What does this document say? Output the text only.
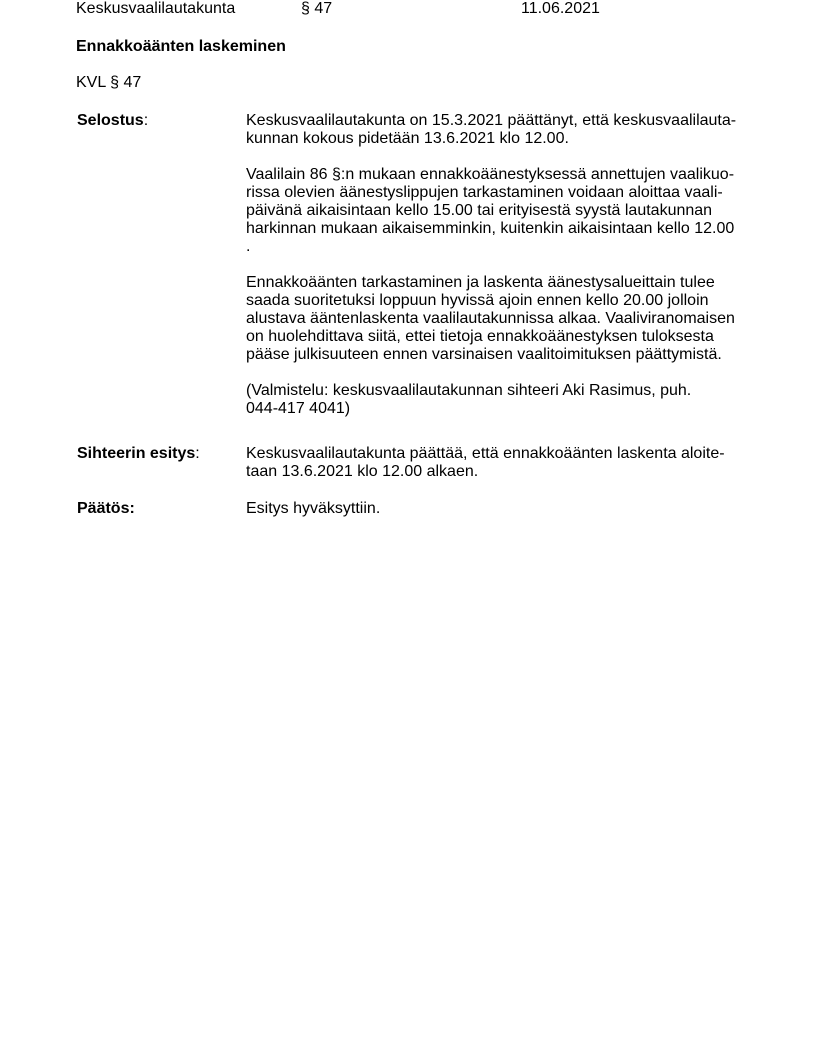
Keskusvaalilautakunta	§ 47	11.06.2021
Ennakkoäänten laskeminen
KVL § 47
Selostus:	Keskusvaalilautakunta on 15.3.2021 päättänyt, että keskusvaalilauta-
kunnan kokous pidetään 13.6.2021 klo 12.00.

Vaalilain 86 §:n mukaan ennakkoäänestyksessä annettujen vaalikuo-
rissa olevien äänestyslippujen tarkastaminen voidaan aloittaa vaali-
päivänä aikaisintaan kello 15.00 tai erityisestä syystä lautakunnan
harkinnan mukaan aikaisemminkin, kuitenkin aikaisintaan kello 12.00
.

Ennakkoäänten tarkastaminen ja laskenta äänestysalueittain tulee
saada suoritetuksi loppuun hyvissä ajoin ennen kello 20.00 jolloin
alustava ääntenlaskenta vaalilautakunnissa alkaa. Vaaliviranomaisen
on huolehdittava siitä, ettei tietoja ennakkoäänestyksen tuloksesta
pääse julkisuuteen ennen varsinaisen vaalitoimituksen päättymistä.

(Valmistelu: keskusvaalilautakunnan sihteeri Aki Rasimus, puh.
044-417 4041)

Sihteerin esitys:	Keskusvaalilautakunta päättää, että ennakkoäänten laskenta aloite-
taan 13.6.2021 klo 12.00 alkaen.

Päätös:	Esitys hyväksyttiin.
